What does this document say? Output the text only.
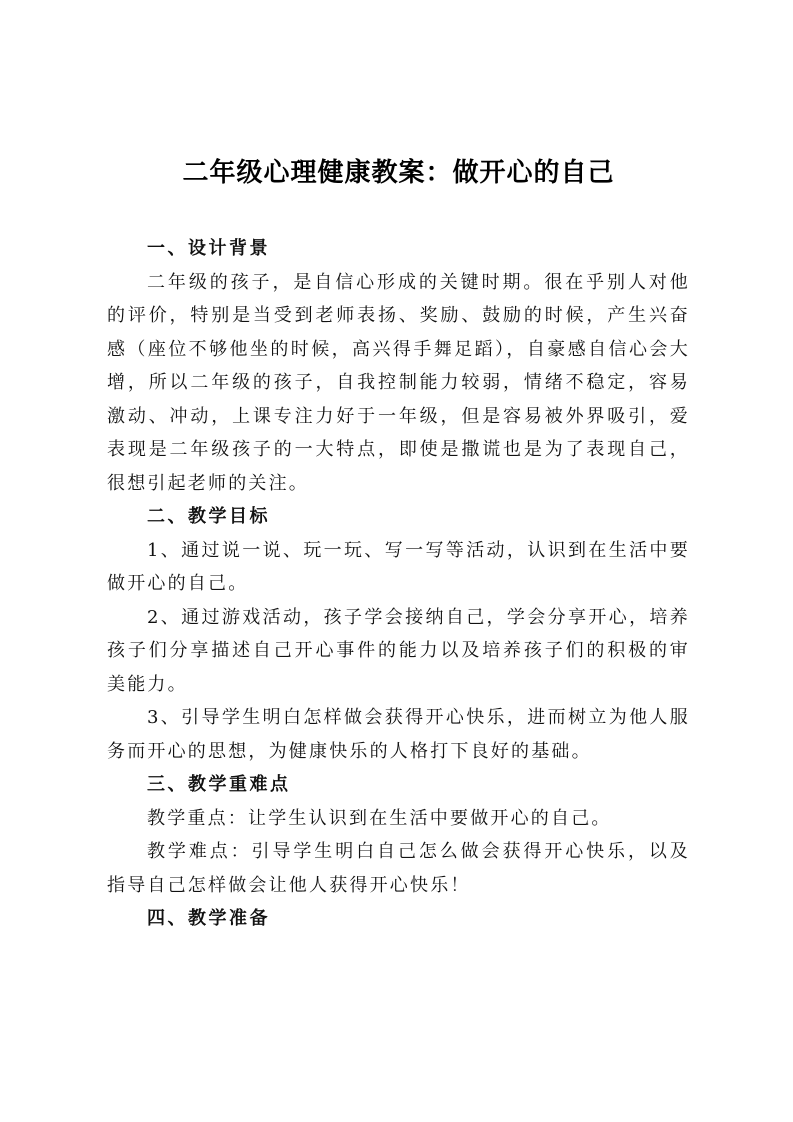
二年级心理健康教案：做开心的自己

一、设计背景

二年级的孩子，是自信心形成的关键时期。很在乎别人对他的评价，特别是当受到老师表扬、奖励、鼓励的时候，产生兴奋感（座位不够他坐的时候，高兴得手舞足蹈），自豪感自信心会大增，所以二年级的孩子，自我控制能力较弱，情绪不稳定，容易激动、冲动，上课专注力好于一年级，但是容易被外界吸引，爱表现是二年级孩子的一大特点，即使是撒谎也是为了表现自己，很想引起老师的关注。

二、教学目标

1、通过说一说、玩一玩、写一写等活动，认识到在生活中要做开心的自己。

2、通过游戏活动，孩子学会接纳自己，学会分享开心，培养孩子们分享描述自己开心事件的能力以及培养孩子们的积极的审美能力。

3、引导学生明白怎样做会获得开心快乐，进而树立为他人服务而开心的思想，为健康快乐的人格打下良好的基础。

三、教学重难点

教学重点：让学生认识到在生活中要做开心的自己。

教学难点：引导学生明白自己怎么做会获得开心快乐，以及指导自己怎样做会让他人获得开心快乐！

四、教学准备
